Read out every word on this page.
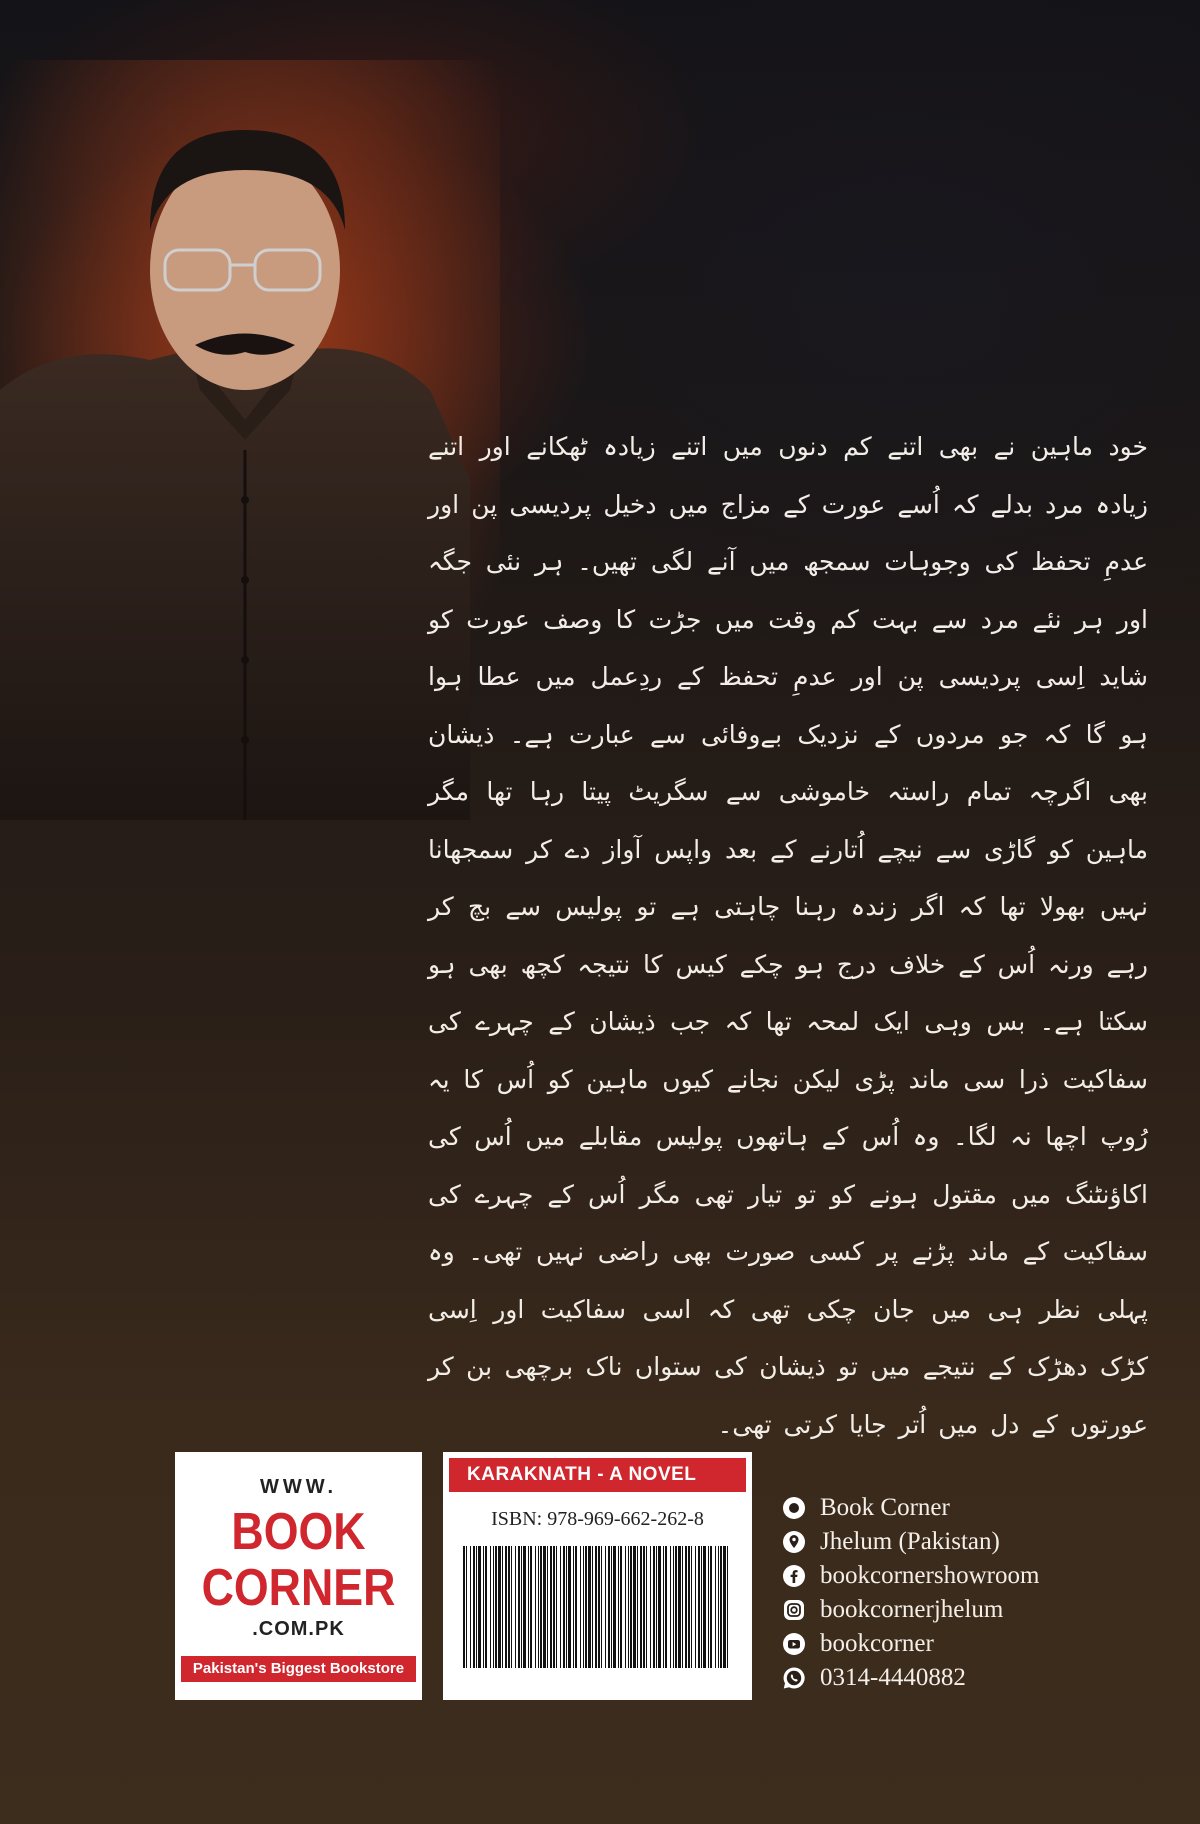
خود ماہین نے بھی اتنے کم دنوں میں اتنے زیادہ ٹھکانے اور اتنے زیادہ مرد بدلے کہ اُسے عورت کے مزاج میں دخیل پردیسی پن اور عدمِ تحفظ کی وجوہات سمجھ میں آنے لگی تھیں۔ ہر نئی جگہ اور ہر نئے مرد سے بہت کم وقت میں جڑت کا وصف عورت کو شاید اِسی پردیسی پن اور عدمِ تحفظ کے ردِعمل میں عطا ہوا ہو گا کہ جو مردوں کے نزدیک بےوفائی سے عبارت ہے۔ ذیشان بھی اگرچہ تمام راستہ خاموشی سے سگریٹ پیتا رہا تھا مگر ماہین کو گاڑی سے نیچے اُتارنے کے بعد واپس آواز دے کر سمجھانا نہیں بھولا تھا کہ اگر زندہ رہنا چاہتی ہے تو پولیس سے بچ کر رہے ورنہ اُس کے خلاف درج ہو چکے کیس کا نتیجہ کچھ بھی ہو سکتا ہے۔ بس وہی ایک لمحہ تھا کہ جب ذیشان کے چہرے کی سفاکیت ذرا سی ماند پڑی لیکن نجانے کیوں ماہین کو اُس کا یہ رُوپ اچھا نہ لگا۔ وہ اُس کے ہاتھوں پولیس مقابلے میں اُس کی اکاؤنٹنگ میں مقتول ہونے کو تو تیار تھی مگر اُس کے چہرے کی سفاکیت کے ماند پڑنے پر کسی صورت بھی راضی نہیں تھی۔ وہ پہلی نظر ہی میں جان چکی تھی کہ اسی سفاکیت اور اِسی کڑک دھڑک کے نتیجے میں تو ذیشان کی ستواں ناک برچھی بن کر عورتوں کے دل میں اُتر جایا کرتی تھی۔
WWW.
BOOK
CORNER
.COM.PK
Pakistan's Biggest Bookstore
KARAKNATH - A NOVEL
ISBN: 978-969-662-262-8	Book Corner
Jhelum (Pakistan)
bookcornershowroom
bookcornerjhelum
bookcorner
0314-4440882
